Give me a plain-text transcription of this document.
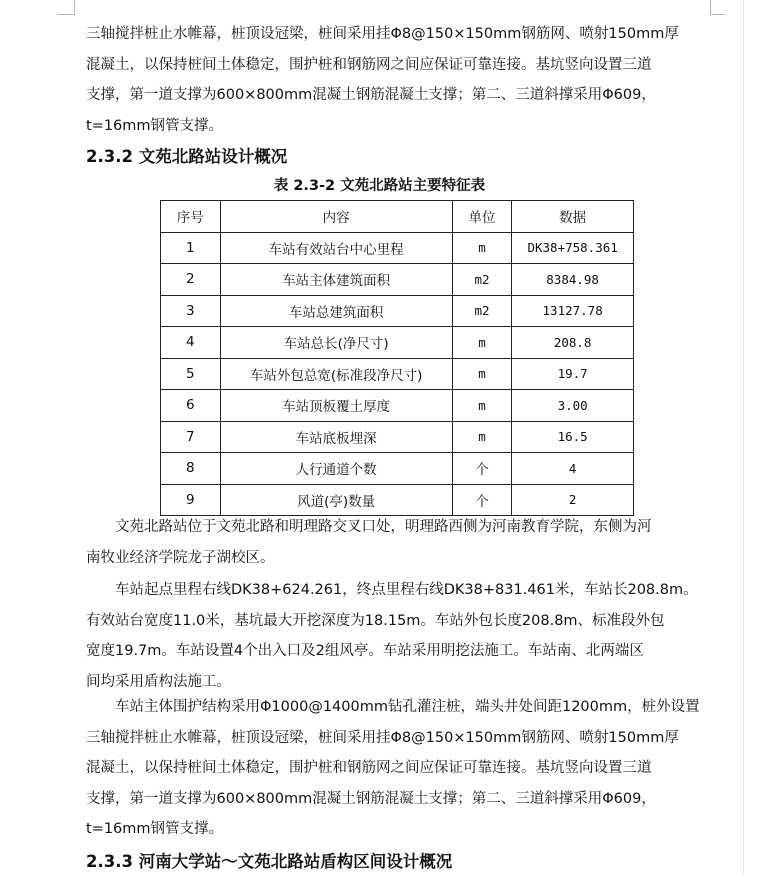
三轴搅拌桩止水帷幕，桩顶设冠梁，桩间采用挂Φ8@150×150mm钢筋网、喷射150mm厚
混凝土，以保持桩间土体稳定，围护桩和钢筋网之间应保证可靠连接。基坑竖向设置三道
支撑，第一道支撑为600×800mm混凝土钢筋混凝土支撑；第二、三道斜撑采用Φ609，
t=16mm钢管支撑。
2.3.2 文苑北路站设计概况
表 2.3-2 文苑北路站主要特征表
序号	内容	单位	数据
1	车站有效站台中心里程	m	DK38+758.361
2	车站主体建筑面积	m2	8384.98
3	车站总建筑面积	m2	13127.78
4	车站总长(净尺寸)	m	208.8
5	车站外包总宽(标准段净尺寸)	m	19.7
6	车站顶板覆土厚度	m	3.00
7	车站底板埋深	m	16.5
8	人行通道个数	个	4
9	风道(亭)数量	个	2
文苑北路站位于文苑北路和明理路交叉口处，明理路西侧为河南教育学院，东侧为河
南牧业经济学院龙子湖校区。
车站起点里程右线DK38+624.261，终点里程右线DK38+831.461米，车站长208.8m。
有效站台宽度11.0米，基坑最大开挖深度为18.15m。车站外包长度208.8m、标准段外包
宽度19.7m。车站设置4个出入口及2组风亭。车站采用明挖法施工。车站南、北两端区
间均采用盾构法施工。
车站主体围护结构采用Φ1000@1400mm钻孔灌注桩，端头井处间距1200mm，桩外设置
三轴搅拌桩止水帷幕，桩顶设冠梁，桩间采用挂Φ8@150×150mm钢筋网、喷射150mm厚
混凝土，以保持桩间土体稳定，围护桩和钢筋网之间应保证可靠连接。基坑竖向设置三道
支撑，第一道支撑为600×800mm混凝土钢筋混凝土支撑；第二、三道斜撑采用Φ609，
t=16mm钢管支撑。
2.3.3 河南大学站～文苑北路站盾构区间设计概况
